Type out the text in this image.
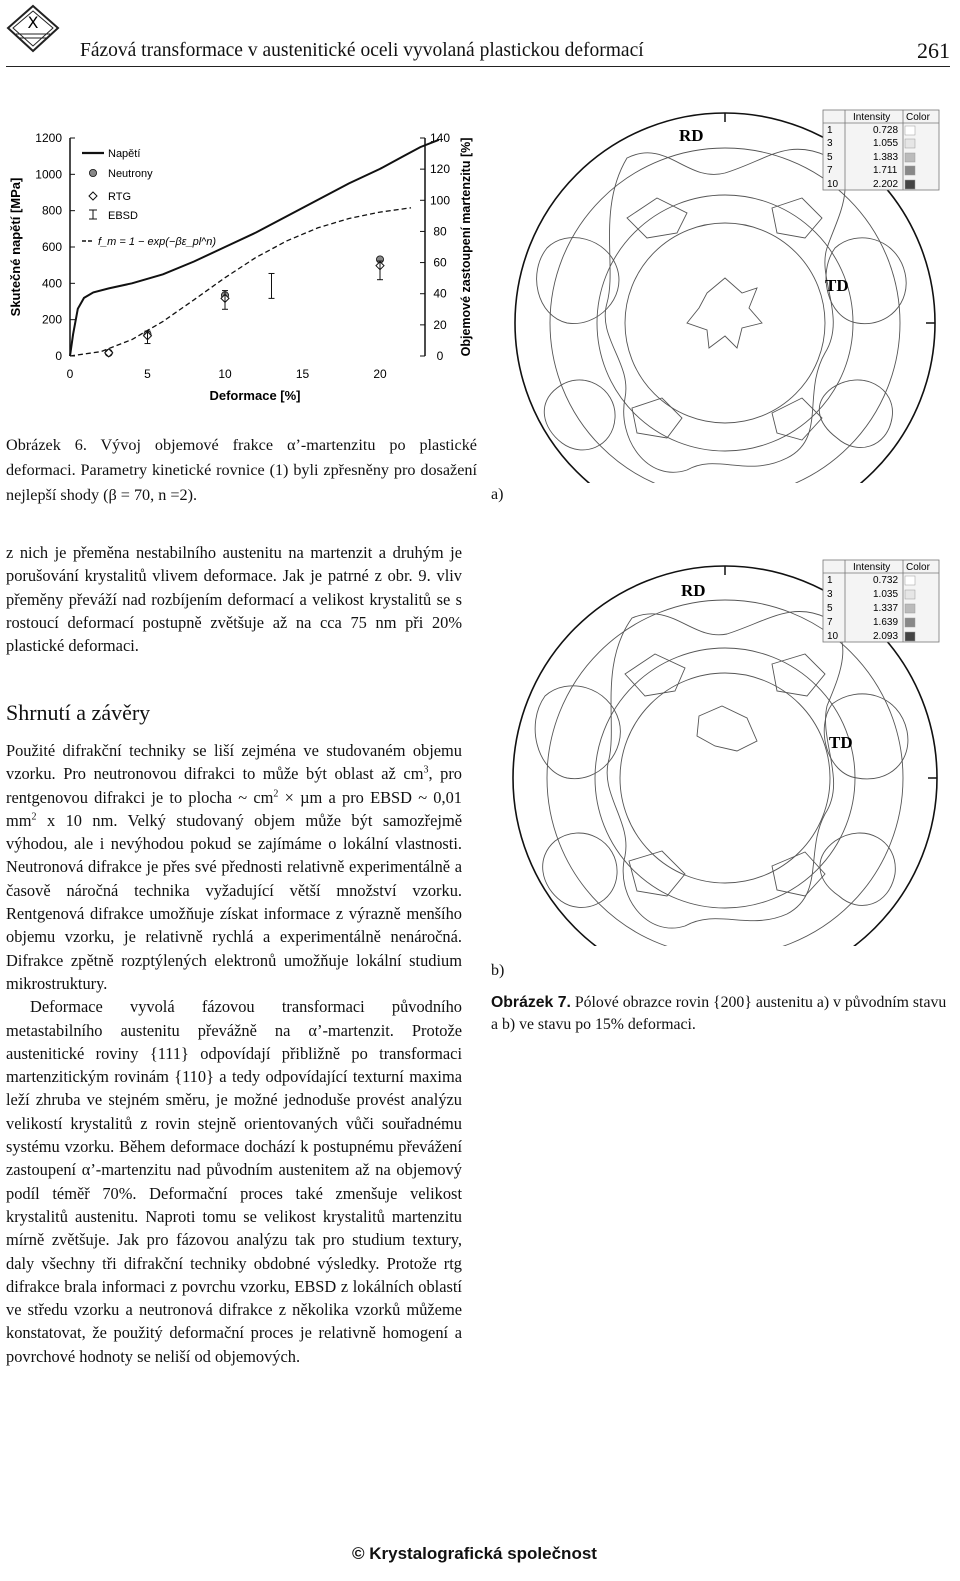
X
Fázová transformace v austenitické oceli vyvolaná plastickou deformací	261
0	5	10	15	20
0
200
400
600
800
1000
1200
0
20
40
60
80
100
120
140
Deformace [%]
Skutečné napětí [MPa]	Objemové zastoupení martenzitu [%]
Napětí
Neutrony
RTG
EBSD
f_m = 1 − exp(−βε_pl^n)
Obrázek 6. Vývoj objemové frakce α’-martenzitu po plastické deformaci. Parametry kinetické rovnice (1) byli zpřesněny pro dosažení nejlepší shody (β = 70, n =2).
RD
TD
Intensity Color
1	0.728
3	1.055
5	1.383
7	1.711
10	2.202
a)
RD
TD
Intensity Color
1	0.732
3	1.035
5	1.337
7	1.639
10	2.093
b)
Obrázek 7. Pólové obrazce rovin {200} austenitu a) v původním stavu a b) ve stavu po 15% deformaci.
z nich je přeměna nestabilního austenitu na martenzit a druhým je porušování krystalitů vlivem deformace. Jak je patrné z obr. 9. vliv přeměny převáží nad rozbíjením deformací a velikost krystalitů se s rostoucí deformací postupně zvětšuje až na cca 75 nm při 20% plastické deformaci.
Shrnutí a závěry

Použité difrakční techniky se liší zejména ve studovaném objemu vzorku. Pro neutronovou difrakci to může být oblast až $cm^3$, pro rentgenovou difrakci je to plocha ~ $cm^2 \times \mu m$ a pro EBSD ~ 0,01 $mm^2$ x 10 nm. Velký studovaný objem může být samozřejmě výhodou, ale i nevýhodou pokud se zajímáme o lokální vlastnosti. Neutronová difrakce je přes své přednosti relativně experimentálně a časově náročná technika vyžadující větší množství vzorku. Rentgenová difrakce umožňuje získat informace z výrazně menšího objemu vzorku, je relativně rychlá a experimentálně nenáročná. Difrakce zpětně rozptýlených elektronů umožňuje lokální studium mikrostruktury.

Deformace vyvolá fázovou transformaci původního metastabilního austenitu převážně na α’-martenzit. Protože austenitické roviny {111} odpovídají přibližně po transformaci martenzitickým rovinám {110} a tedy odpovídající texturní maxima leží zhruba ve stejném směru, je možné jednoduše provést analýzu velikostí krystalitů z rovin stejně orientovaných vůči souřadnému systému vzorku. Během deformace dochází k postupnému převážení zastoupení α’-martenzitu nad původním austenitem až na objemový podíl téměř 70%. Deformační proces také zmenšuje velikost krystalitů austenitu. Naproti tomu se velikost krystalitů martenzitu mírně zvětšuje. Jak pro fázovou analýzu tak pro studium textury, daly všechny tři difrakční techniky obdobné výsledky. Protože rtg difrakce brala informaci z povrchu vzorku, EBSD z lokálních oblastí ve středu vzorku a neutronová difrakce z několika vzorků můžeme konstatovat, že použitý deformační proces je relativně homogení a povrchové hodnoty se neliší od objemových.

© Krystalografická společnost
